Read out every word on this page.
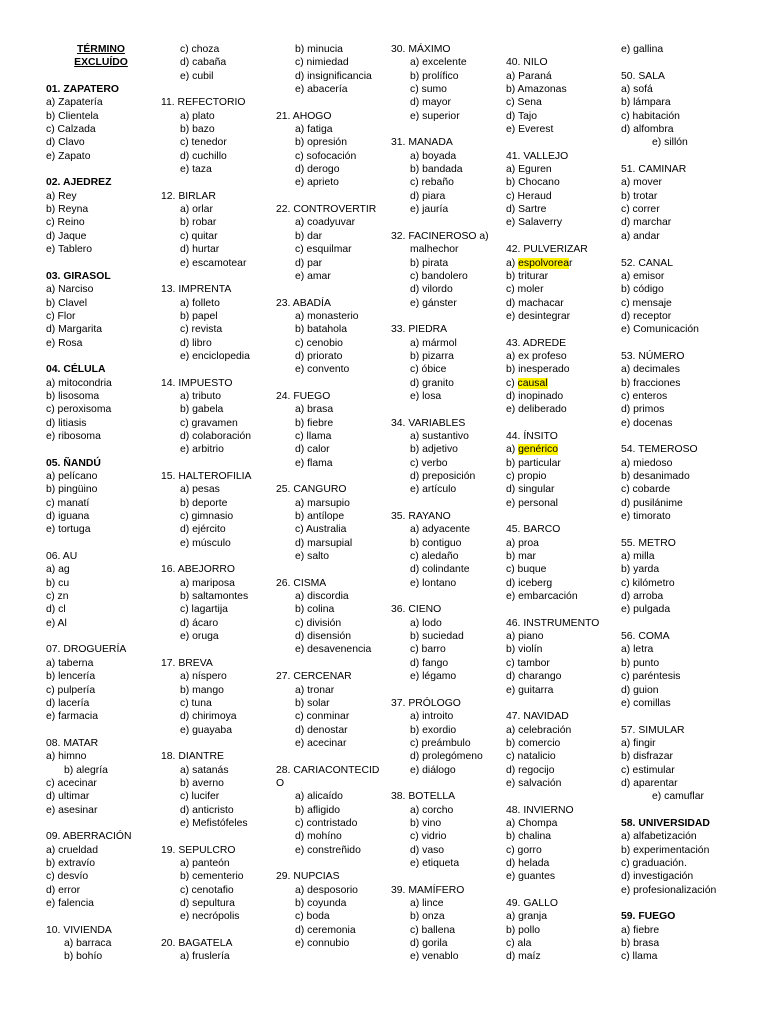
TÉRMINO
EXCLUÍDO
01. ZAPATERO
a) Zapatería
b) Clientela
c) Calzada
d) Clavo
e) Zapato
02. AJEDREZ
a) Rey
b) Reyna
c) Reino
d) Jaque
e) Tablero
03. GIRASOL
a) Narciso
b) Clavel
c) Flor
d) Margarita
e) Rosa
04. CÉLULA
a) mitocondria
b) lisosoma
c) peroxisoma
d) litiasis
e) ribosoma
05. ÑANDÚ
a) pelícano
b) pingüino
c) manatí
d) iguana
e) tortuga
06. AU
a) ag
b) cu
c) zn
d) cl
e) Al
07. DROGUERÍA
a) taberna
b) lencería
c) pulpería
d) lacería
e) farmacia
08. MATAR
a) himno
b) alegría
c) acecinar
d) ultimar
e) asesinar
09. ABERRACIÓN
a) crueldad
b) extravío
c) desvío
d) error
e) falencia
10. VIVIENDA
a) barraca
b) bohío
c) choza
d) cabaña
e) cubil
11. REFECTORIO
a) plato
b) bazo
c) tenedor
d) cuchillo
e) taza
12. BIRLAR
a) orlar
b) robar
c) quitar
d) hurtar
e) escamotear
13. IMPRENTA
a) folleto
b) papel
c) revista
d) libro
e) enciclopedia
14. IMPUESTO
a) tributo
b) gabela
c) gravamen
d) colaboración
e) arbitrio
15. HALTEROFILIA
a) pesas
b) deporte
c) gimnasio
d) ejército
e) músculo
16. ABEJORRO
a) mariposa
b) saltamontes
c) lagartija
d) ácaro
e) oruga
17. BREVA
a) níspero
b) mango
c) tuna
d) chirimoya
e) guayaba
18. DIANTRE
a) satanás
b) averno
c) lucifer
d) anticristo
e) Mefistófeles
19. SEPULCRO
a) panteón
b) cementerio
c) cenotafio
d) sepultura
e) necrópolis
20. BAGATELA
a) fruslería
b) minucia
c) nimiedad
d) insignificancia
e) abacería
21. AHOGO
a) fatiga
b) opresión
c) sofocación
d) derogo
e) aprieto
22. CONTROVERTIR
a) coadyuvar
b) dar
c) esquilmar
d) par
e) amar
23. ABADÍA
a) monasterio
b) batahola
c) cenobio
d) priorato
e) convento
24. FUEGO
a) brasa
b) fiebre
c) llama
d) calor
e) flama
25. CANGURO
a) marsupio
b) antílope
c) Australia
d) marsupial
e) salto
26. CISMA
a) discordia
b) colina
c) división
d) disensión
e) desavenencia
27. CERCENAR
a) tronar
b) solar
c) conminar
d) denostar
e) acecinar
28. CARIACONTECID
O
a) alicaído
b) afligido
c) contristado
d) mohíno
e) constreñido
29. NUPCIAS
a) desposorio
b) coyunda
c) boda
d) ceremonia
e) connubio
30. MÁXIMO
a) excelente
b) prolífico
c) sumo
d) mayor
e) superior
31. MANADA
a) boyada
b) bandada
c) rebaño
d) piara
e) jauría
32. FACINEROSO a)
malhechor
b) pirata
c) bandolero
d) vilordo
e) gánster
33. PIEDRA
a) mármol
b) pizarra
c) óbice
d) granito
e) losa
34. VARIABLES
a) sustantivo
b) adjetivo
c) verbo
d) preposición
e) artículo
35. RAYANO
a) adyacente
b) contiguo
c) aledaño
d) colindante
e) lontano
36. CIENO
a) lodo
b) suciedad
c) barro
d) fango
e) légamo
37. PRÓLOGO
a) introito
b) exordio
c) preámbulo
d) prolegómeno
e) diálogo
38. BOTELLA
a) corcho
b) vino
c) vidrio
d) vaso
e) etiqueta
39. MAMÍFERO
a) lince
b) onza
c) ballena
d) gorila
e) venablo
40. NILO
a) Paraná
b) Amazonas
c) Sena
d) Tajo
e) Everest
41. VALLEJO
a) Eguren
b) Chocano
c) Heraud
d) Sartre
e) Salaverry
42. PULVERIZAR
a) espolvorear
b) triturar
c) moler
d) machacar
e) desintegrar
43. ADREDE
a) ex profeso
b) inesperado
c) causal
d) inopinado
e) deliberado
44. ÍNSITO
a) genérico
b) particular
c) propio
d) singular
e) personal
45. BARCO
a) proa
b) mar
c) buque
d) iceberg
e) embarcación
46. INSTRUMENTO
a) piano
b) violín
c) tambor
d) charango
e) guitarra
47. NAVIDAD
a) celebración
b) comercio
c) natalicio
d) regocijo
e) salvación
48. INVIERNO
a) Chompa
b) chalina
c) gorro
d) helada
e) guantes
49. GALLO
a) granja
b) pollo
c) ala
d) maíz
e) gallina
50. SALA
a) sofá
b) lámpara
c) habitación
d) alfombra
e) sillón
51. CAMINAR
a) mover
b) trotar
c) correr
d) marchar
a) andar
52. CANAL
a) emisor
b) código
c) mensaje
d) receptor
e) Comunicación
53. NÚMERO
a) decimales
b) fracciones
c) enteros
d) primos
e) docenas
54. TEMEROSO
a) miedoso
b) desanimado
c) cobarde
d) pusilánime
e) timorato
55. METRO
a) milla
b) yarda
c) kilómetro
d) arroba
e) pulgada
56. COMA
a) letra
b) punto
c) paréntesis
d) guion
e) comillas
57. SIMULAR
a) fingir
b) disfrazar
c) estimular
d) aparentar
e) camuflar
58. UNIVERSIDAD
a) alfabetización
b) experimentación
c) graduación.
d) investigación
e) profesionalización
59. FUEGO
a) fiebre
b) brasa
c) llama
